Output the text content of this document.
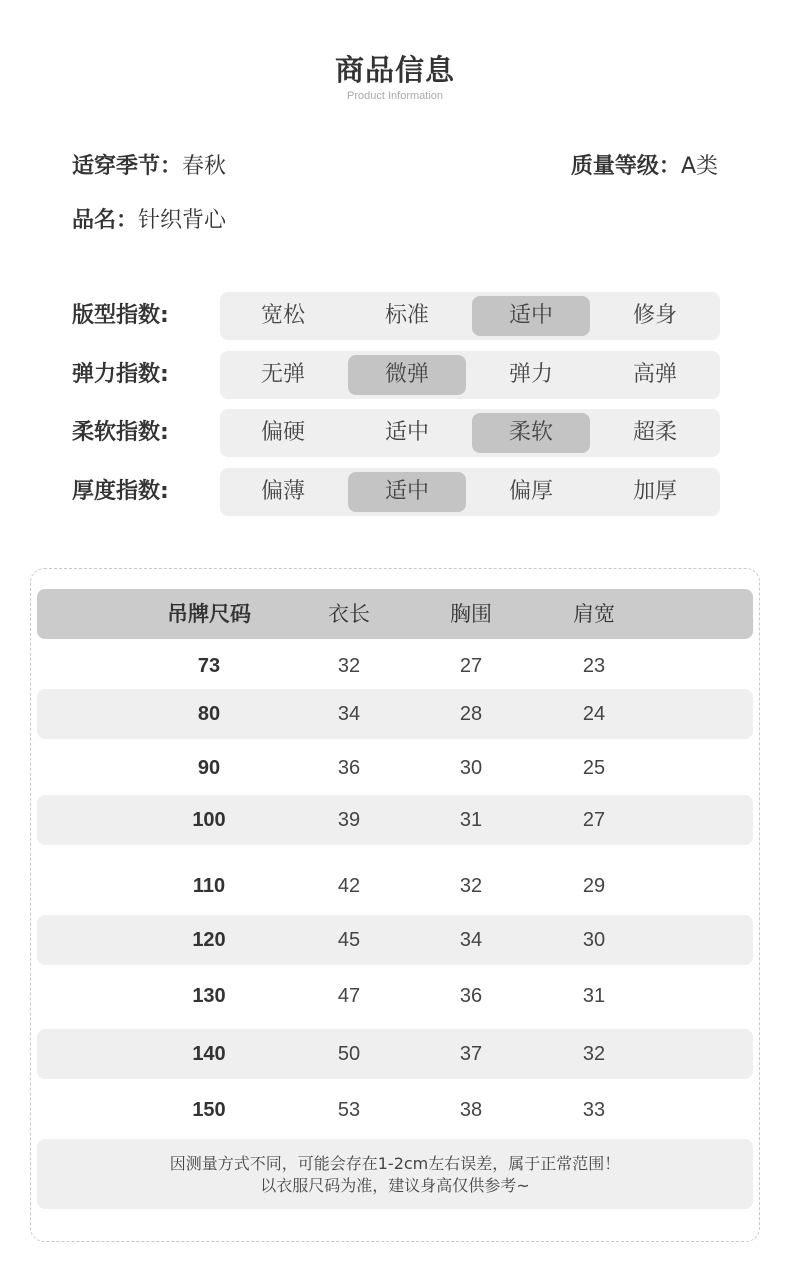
商品信息
Product Information
适穿季节：春秋	质量等级：A类
品名：针织背心
版型指数:	宽松	标准	适中	修身
弹力指数:	无弹	微弹	弹力	高弹
柔软指数:	偏硬	适中	柔软	超柔
厚度指数:	偏薄	适中	偏厚	加厚
吊牌尺码	衣长	胸围	肩宽
73	32	27	23
80	34	28	24
90	36	30	25
100	39	31	27
110	42	32	29
120	45	34	30
130	47	36	31
140	50	37	32
150	53	38	33
因测量方式不同，可能会存在1-2cm左右误差，属于正常范围！
以衣服尺码为准，建议身高仅供参考~
